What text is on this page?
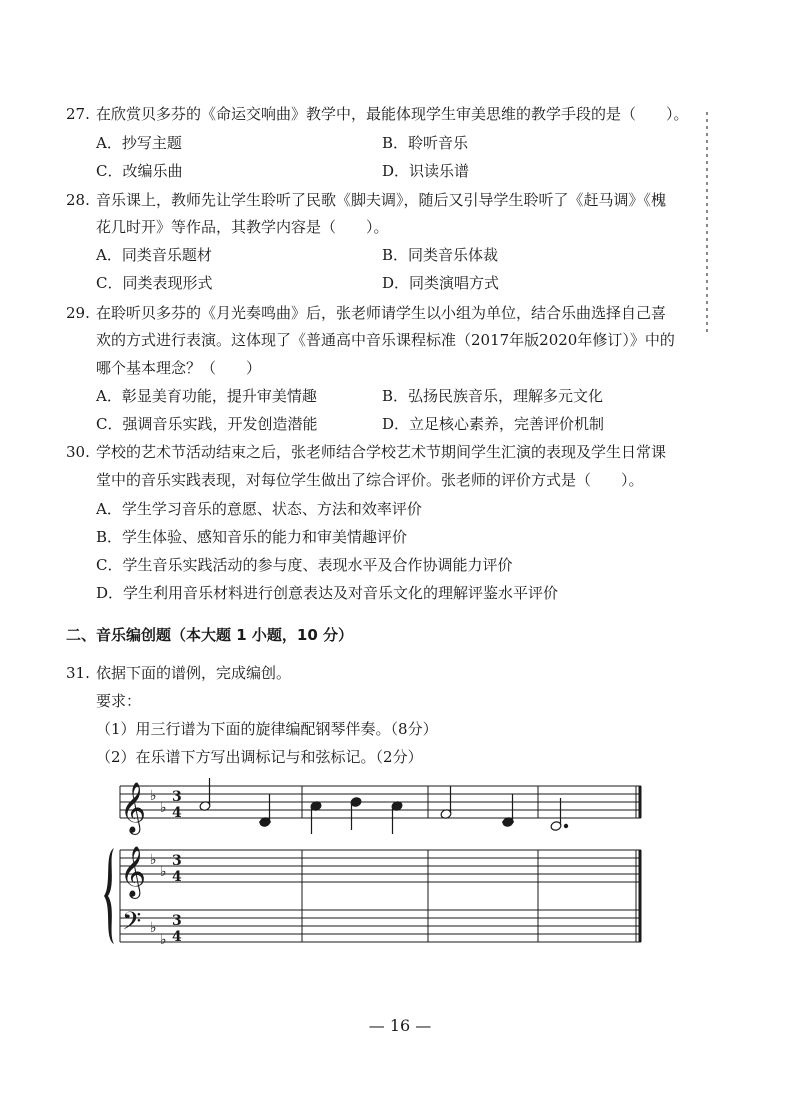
27. 在欣赏贝多芬的《命运交响曲》教学中，最能体现学生审美思维的教学手段的是（　　）。
A．抄写主题	B．聆听音乐
C．改编乐曲	D．识读乐谱
28. 音乐课上，教师先让学生聆听了民歌《脚夫调》，随后又引导学生聆听了《赶马调》《槐
花几时开》等作品，其教学内容是（　　）。
A．同类音乐题材	B．同类音乐体裁
C．同类表现形式	D．同类演唱方式
29. 在聆听贝多芬的《月光奏鸣曲》后，张老师请学生以小组为单位，结合乐曲选择自己喜
欢的方式进行表演。这体现了《普通高中音乐课程标准（2017年版2020年修订）》中的
哪个基本理念？（　　）
A．彰显美育功能，提升审美情趣	B．弘扬民族音乐，理解多元文化
C．强调音乐实践，开发创造潜能	D．立足核心素养，完善评价机制
30. 学校的艺术节活动结束之后，张老师结合学校艺术节期间学生汇演的表现及学生日常课
堂中的音乐实践表现，对每位学生做出了综合评价。张老师的评价方式是（　　）。
A．学生学习音乐的意愿、状态、方法和效率评价
B．学生体验、感知音乐的能力和审美情趣评价
C．学生音乐实践活动的参与度、表现水平及合作协调能力评价
D．学生利用音乐材料进行创意表达及对音乐文化的理解评鉴水平评价
二、音乐编创题（本大题 1 小题，10 分）
31. 依据下面的谱例，完成编创。
要求：
（1）用三行谱为下面的旋律编配钢琴伴奏。（8分）
（2）在乐谱下方写出调标记与和弦标记。（2分）
𝄞 ♭
♭
3
4
𝄞 ♭
♭
3
4
𝄢 ♭
♭
3
4
— 16 —
